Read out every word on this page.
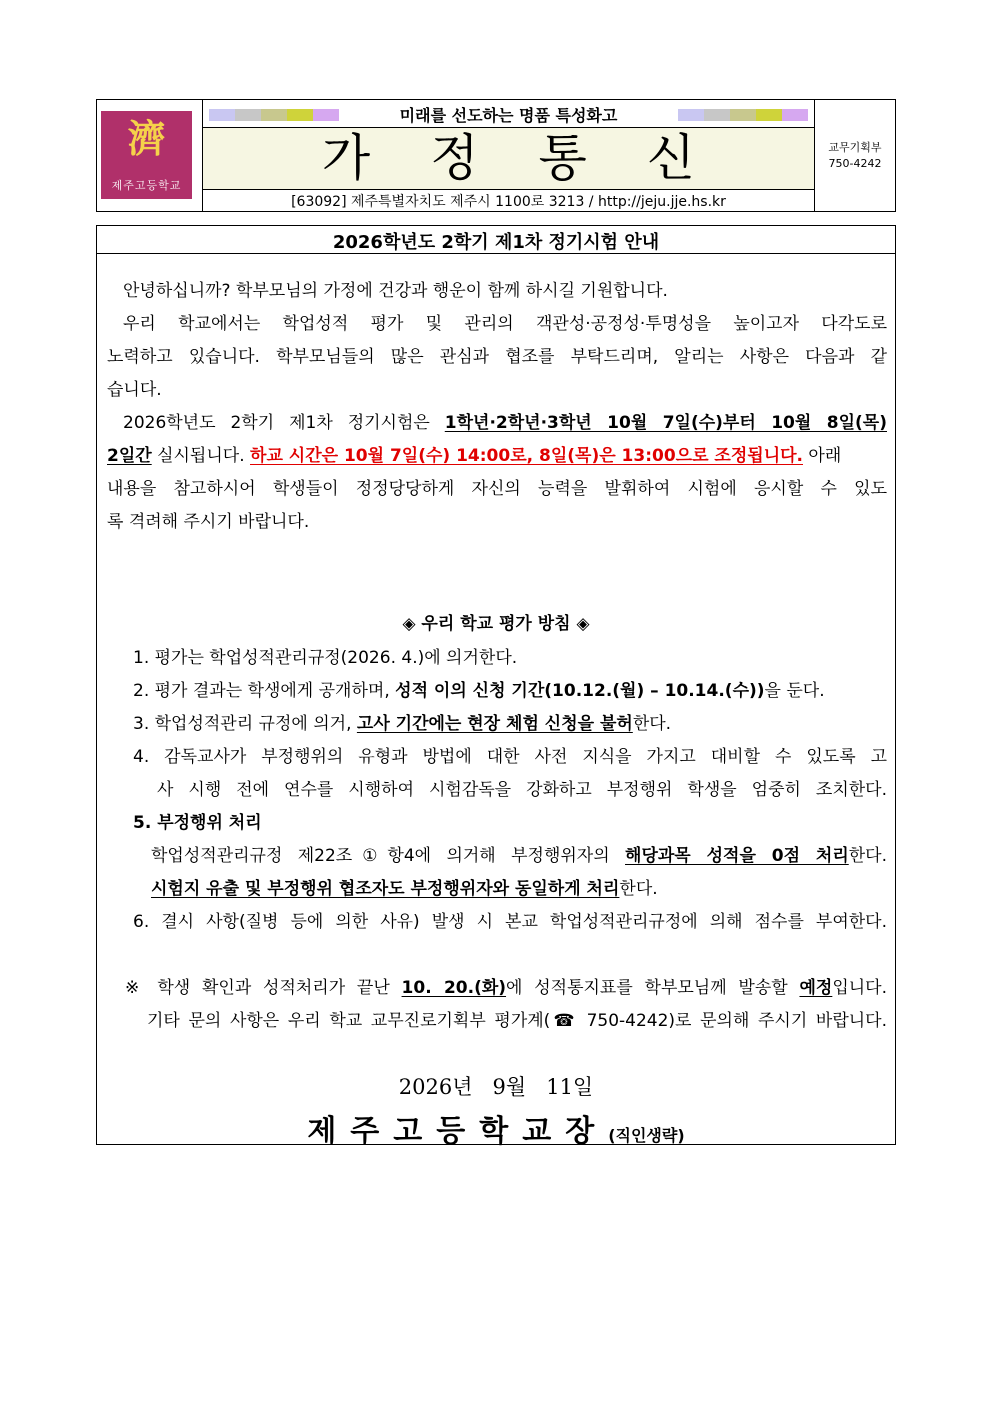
濟
제주고등학교
미래를 선도하는 명품 특성화고
가정통신
[63092] 제주특별자치도 제주시 1100로 3213 / http://jeju.jje.hs.kr
교무기획부
750-4242
2026학년도 2학기 제1차 정기시험 안내
안녕하십니까? 학부모님의 가정에 건강과 행운이 함께 하시길 기원합니다.
우리 학교에서는 학업성적 평가 및 관리의 객관성·공정성·투명성을 높이고자 다각도로
노력하고 있습니다. 학부모님들의 많은 관심과 협조를 부탁드리며, 알리는 사항은 다음과 같
습니다.
2026학년도 2학기 제1차 정기시험은 1학년·2학년·3학년 10월 7일(수)부터 10월 8일(목)
2일간 실시됩니다. 하교 시간은 10월 7일(수) 14:00로, 8일(목)은 13:00으로 조정됩니다. 아래
내용을 참고하시어 학생들이 정정당당하게 자신의 능력을 발휘하여 시험에 응시할 수 있도
록 격려해 주시기 바랍니다.
◈ 우리 학교 평가 방침 ◈
1. 평가는 학업성적관리규정(2026. 4.)에 의거한다.
2. 평가 결과는 학생에게 공개하며, 성적 이의 신청 기간(10.12.(월) – 10.14.(수))을 둔다.
3. 학업성적관리 규정에 의거, 고사 기간에는 현장 체험 신청을 불허한다.
4. 감독교사가 부정행위의 유형과 방법에 대한 사전 지식을 가지고 대비할 수 있도록 고
사 시행 전에 연수를 시행하여 시험감독을 강화하고 부정행위 학생을 엄중히 조치한다.
5. 부정행위 처리
학업성적관리규정 제22조①항4에 의거해 부정행위자의 해당과목 성적을 0점 처리한다.
시험지 유출 및 부정행위 협조자도 부정행위자와 동일하게 처리한다.
6. 결시 사항(질병 등에 의한 사유) 발생 시 본교 학업성적관리규정에 의해 점수를 부여한다.
※ 학생 확인과 성적처리가 끝난 10. 20.(화)에 성적통지표를 학부모님께 발송할 예정입니다.
기타 문의 사항은 우리 학교 교무진로기획부 평가계(☎ 750-4242)로 문의해 주시기 바랍니다.
2026년   9월   11일
제주고등학교장(직인생략)
